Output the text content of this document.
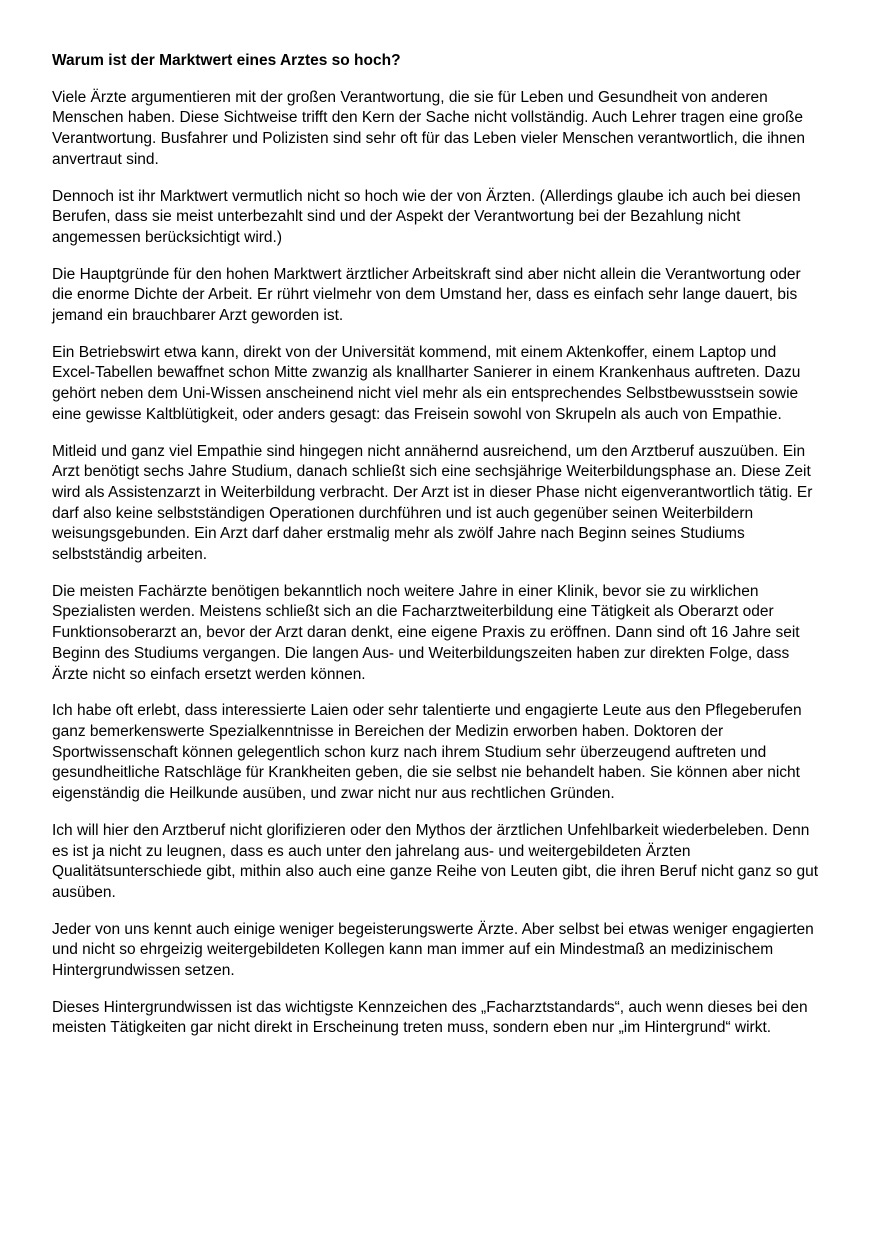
Warum ist der Marktwert eines Arztes so hoch?

Viele Ärzte argumentieren mit der großen Verantwortung, die sie für Leben und Gesundheit von anderen
Menschen haben. Diese Sichtweise trifft den Kern der Sache nicht vollständig. Auch Lehrer tragen eine große
Verantwortung. Busfahrer und Polizisten sind sehr oft für das Leben vieler Menschen verantwortlich, die ihnen
anvertraut sind.

Dennoch ist ihr Marktwert vermutlich nicht so hoch wie der von Ärzten. (Allerdings glaube ich auch bei diesen
Berufen, dass sie meist unterbezahlt sind und der Aspekt der Verantwortung bei der Bezahlung nicht
angemessen berücksichtigt wird.)

Die Hauptgründe für den hohen Marktwert ärztlicher Arbeitskraft sind aber nicht allein die Verantwortung oder
die enorme Dichte der Arbeit. Er rührt vielmehr von dem Umstand her, dass es einfach sehr lange dauert, bis
jemand ein brauchbarer Arzt geworden ist.

Ein Betriebswirt etwa kann, direkt von der Universität kommend, mit einem Aktenkoffer, einem Laptop und
Excel-Tabellen bewaffnet schon Mitte zwanzig als knallharter Sanierer in einem Krankenhaus auftreten. Dazu
gehört neben dem Uni-Wissen anscheinend nicht viel mehr als ein entsprechendes Selbstbewusstsein sowie
eine gewisse Kaltblütigkeit, oder anders gesagt: das Freisein sowohl von Skrupeln als auch von Empathie.

Mitleid und ganz viel Empathie sind hingegen nicht annähernd ausreichend, um den Arztberuf auszuüben. Ein
Arzt benötigt sechs Jahre Studium, danach schließt sich eine sechsjährige Weiterbildungsphase an. Diese Zeit
wird als Assistenzarzt in Weiterbildung verbracht. Der Arzt ist in dieser Phase nicht eigenverantwortlich tätig. Er
darf also keine selbstständigen Operationen durchführen und ist auch gegenüber seinen Weiterbildern
weisungsgebunden. Ein Arzt darf daher erstmalig mehr als zwölf Jahre nach Beginn seines Studiums
selbstständig arbeiten.

Die meisten Fachärzte benötigen bekanntlich noch weitere Jahre in einer Klinik, bevor sie zu wirklichen
Spezialisten werden. Meistens schließt sich an die Facharztweiterbildung eine Tätigkeit als Oberarzt oder
Funktionsoberarzt an, bevor der Arzt daran denkt, eine eigene Praxis zu eröffnen. Dann sind oft 16 Jahre seit
Beginn des Studiums vergangen. Die langen Aus- und Weiterbildungszeiten haben zur direkten Folge, dass
Ärzte nicht so einfach ersetzt werden können.

Ich habe oft erlebt, dass interessierte Laien oder sehr talentierte und engagierte Leute aus den Pflegeberufen
ganz bemerkenswerte Spezialkenntnisse in Bereichen der Medizin erworben haben. Doktoren der
Sportwissenschaft können gelegentlich schon kurz nach ihrem Studium sehr überzeugend auftreten und
gesundheitliche Ratschläge für Krankheiten geben, die sie selbst nie behandelt haben. Sie können aber nicht
eigenständig die Heilkunde ausüben, und zwar nicht nur aus rechtlichen Gründen.

Ich will hier den Arztberuf nicht glorifizieren oder den Mythos der ärztlichen Unfehlbarkeit wiederbeleben. Denn
es ist ja nicht zu leugnen, dass es auch unter den jahrelang aus- und weitergebildeten Ärzten
Qualitätsunterschiede gibt, mithin also auch eine ganze Reihe von Leuten gibt, die ihren Beruf nicht ganz so gut
ausüben.

Jeder von uns kennt auch einige weniger begeisterungswerte Ärzte. Aber selbst bei etwas weniger engagierten
und nicht so ehrgeizig weitergebildeten Kollegen kann man immer auf ein Mindestmaß an medizinischem
Hintergrundwissen setzen.

Dieses Hintergrundwissen ist das wichtigste Kennzeichen des „Facharztstandards“, auch wenn dieses bei den
meisten Tätigkeiten gar nicht direkt in Erscheinung treten muss, sondern eben nur „im Hintergrund“ wirkt.
